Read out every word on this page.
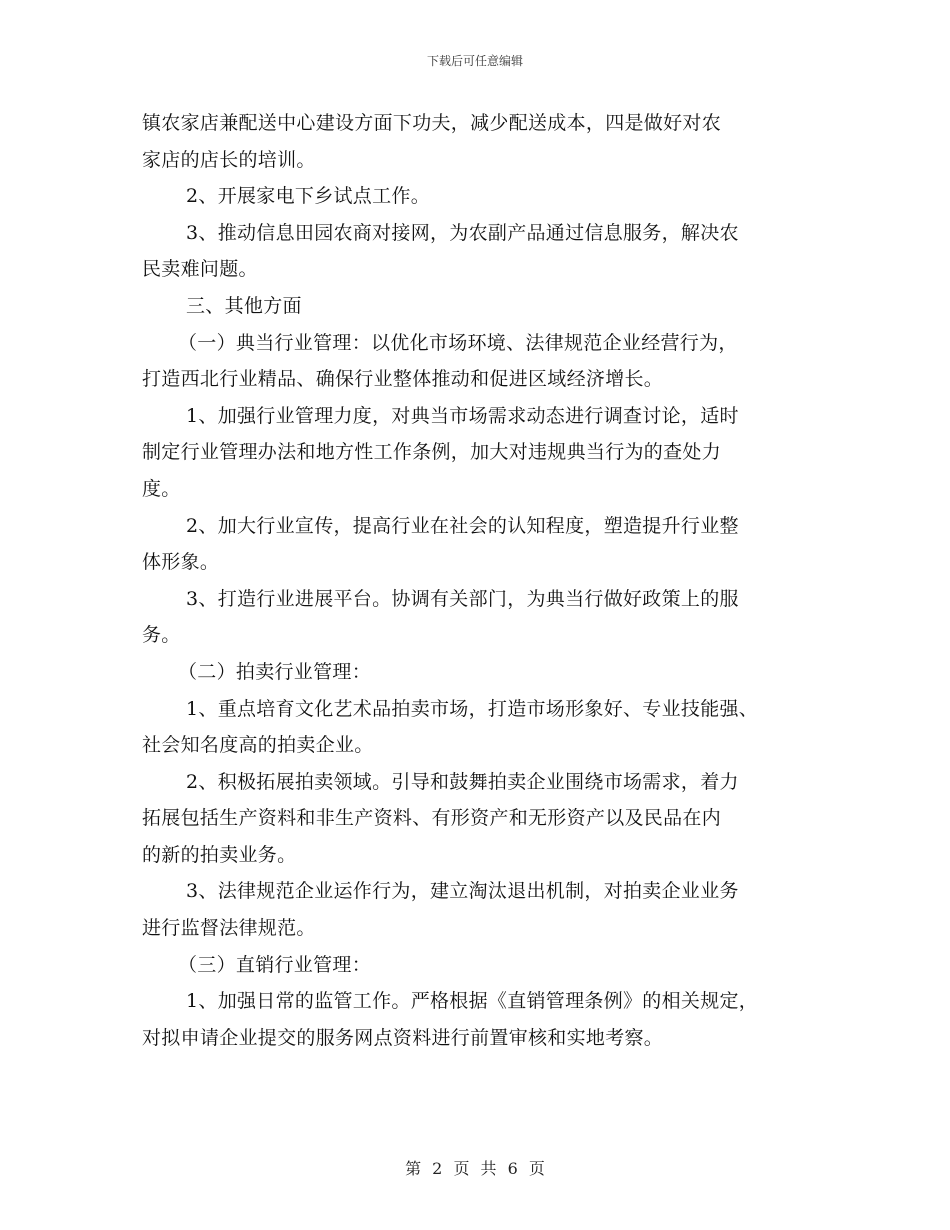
下载后可任意编辑
镇农家店兼配送中心建设方面下功夫，减少配送成本，四是做好对农
家店的店长的培训。
2、开展家电下乡试点工作。
3、推动信息田园农商对接网，为农副产品通过信息服务，解决农
民卖难问题。
三、其他方面
（一）典当行业管理：以优化市场环境、法律规范企业经营行为，
打造西北行业精品、确保行业整体推动和促进区域经济增长。
1、加强行业管理力度，对典当市场需求动态进行调查讨论，适时
制定行业管理办法和地方性工作条例，加大对违规典当行为的查处力
度。
2、加大行业宣传，提高行业在社会的认知程度，塑造提升行业整
体形象。
3、打造行业进展平台。协调有关部门，为典当行做好政策上的服
务。
（二）拍卖行业管理：
1、重点培育文化艺术品拍卖市场，打造市场形象好、专业技能强、
社会知名度高的拍卖企业。
2、积极拓展拍卖领域。引导和鼓舞拍卖企业围绕市场需求，着力
拓展包括生产资料和非生产资料、有形资产和无形资产以及民品在内
的新的拍卖业务。
3、法律规范企业运作行为，建立淘汰退出机制，对拍卖企业业务
进行监督法律规范。
（三）直销行业管理：
1、加强日常的监管工作。严格根据《直销管理条例》的相关规定，
对拟申请企业提交的服务网点资料进行前置审核和实地考察。
第 2 页 共 6 页
